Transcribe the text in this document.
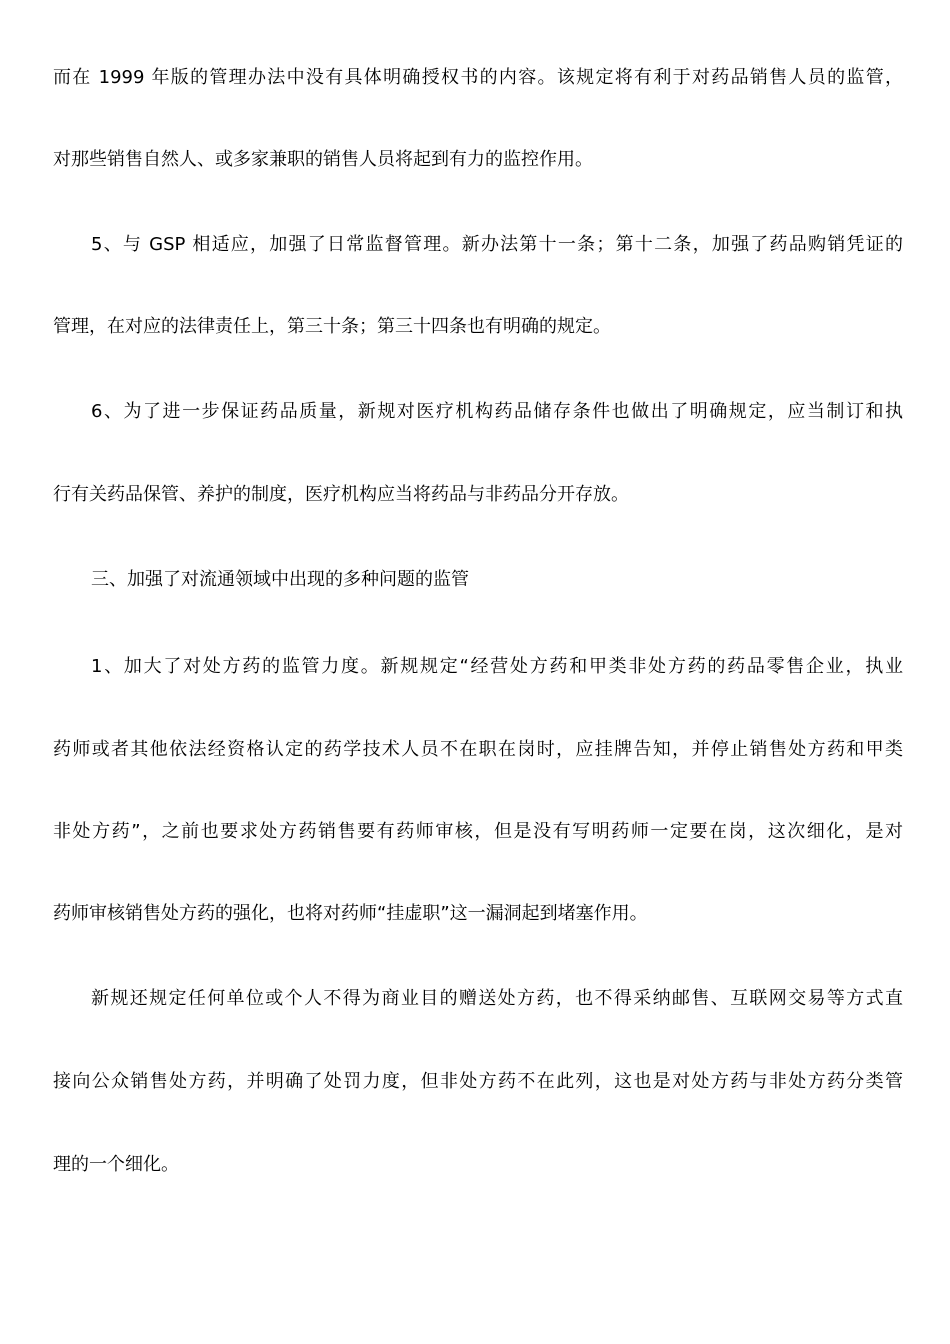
而在 1999 年版的管理办法中没有具体明确授权书的内容。该规定将有利于对药品销售人员的监管，
对那些销售自然人、或多家兼职的销售人员将起到有力的监控作用。
5、与 GSP 相适应，加强了日常监督管理。新办法第十一条；第十二条，加强了药品购销凭证的
管理，在对应的法律责任上，第三十条；第三十四条也有明确的规定。
6、为了进一步保证药品质量，新规对医疗机构药品储存条件也做出了明确规定，应当制订和执
行有关药品保管、养护的制度，医疗机构应当将药品与非药品分开存放。
三、加强了对流通领域中出现的多种问题的监管
1、加大了对处方药的监管力度。新规规定“经营处方药和甲类非处方药的药品零售企业，执业
药师或者其他依法经资格认定的药学技术人员不在职在岗时，应挂牌告知，并停止销售处方药和甲类
非处方药”，之前也要求处方药销售要有药师审核，但是没有写明药师一定要在岗，这次细化，是对
药师审核销售处方药的强化，也将对药师“挂虚职”这一漏洞起到堵塞作用。
新规还规定任何单位或个人不得为商业目的赠送处方药，也不得采纳邮售、互联网交易等方式直
接向公众销售处方药，并明确了处罚力度，但非处方药不在此列，这也是对处方药与非处方药分类管
理的一个细化。
